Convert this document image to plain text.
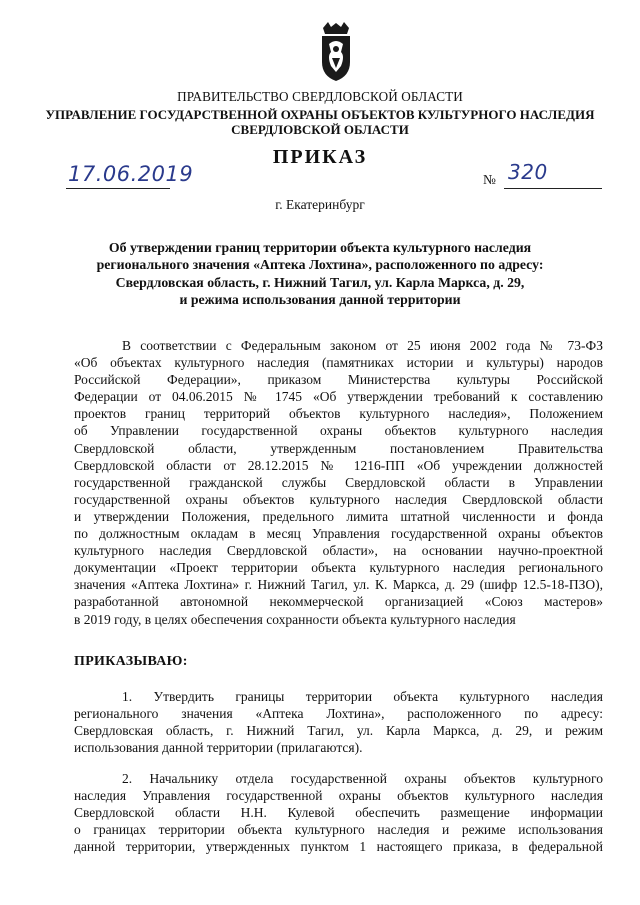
ПРАВИТЕЛЬСТВО СВЕРДЛОВСКОЙ ОБЛАСТИ
УПРАВЛЕНИЕ ГОСУДАРСТВЕННОЙ ОХРАНЫ ОБЪЕКТОВ КУЛЬТУРНОГО НАСЛЕДИЯ
СВЕРДЛОВСКОЙ ОБЛАСТИ
ПРИКАЗ
17.06.2019	№ 320
г. Екатеринбург
Об утверждении границ территории объекта культурного наследия
регионального значения «Аптека Лохтина», расположенного по адресу:
Свердловская область, г. Нижний Тагил, ул. Карла Маркса, д. 29,
и режима использования данной территории
В соответствии с Федеральным законом от 25 июня 2002 года № 73-ФЗ
«Об объектах культурного наследия (памятниках истории и культуры) народов
Российской Федерации», приказом Министерства культуры Российской
Федерации от 04.06.2015 № 1745 «Об утверждении требований к составлению
проектов границ территорий объектов культурного наследия», Положением
об Управлении государственной охраны объектов культурного наследия
Свердловской области, утвержденным постановлением Правительства
Свердловской области от 28.12.2015 № 1216-ПП «Об учреждении должностей
государственной гражданской службы Свердловской области в Управлении
государственной охраны объектов культурного наследия Свердловской области
и утверждении Положения, предельного лимита штатной численности и фонда
по должностным окладам в месяц Управления государственной охраны объектов
культурного наследия Свердловской области», на основании научно-проектной
документации «Проект территории объекта культурного наследия регионального
значения «Аптека Лохтина» г. Нижний Тагил, ул. К. Маркса, д. 29 (шифр 12.5-18-ПЗО),
разработанной автономной некоммерческой организацией «Союз мастеров»
в 2019 году, в целях обеспечения сохранности объекта культурного наследия
ПРИКАЗЫВАЮ:
1. Утвердить границы территории объекта культурного наследия
регионального значения «Аптека Лохтина», расположенного по адресу:
Свердловская область, г. Нижний Тагил, ул. Карла Маркса, д. 29, и режим
использования данной территории (прилагаются).
2. Начальнику отдела государственной охраны объектов культурного
наследия Управления государственной охраны объектов культурного наследия
Свердловской области Н.Н. Кулевой обеспечить размещение информации
о границах территории объекта культурного наследия и режиме использования
данной территории, утвержденных пунктом 1 настоящего приказа, в федеральной
